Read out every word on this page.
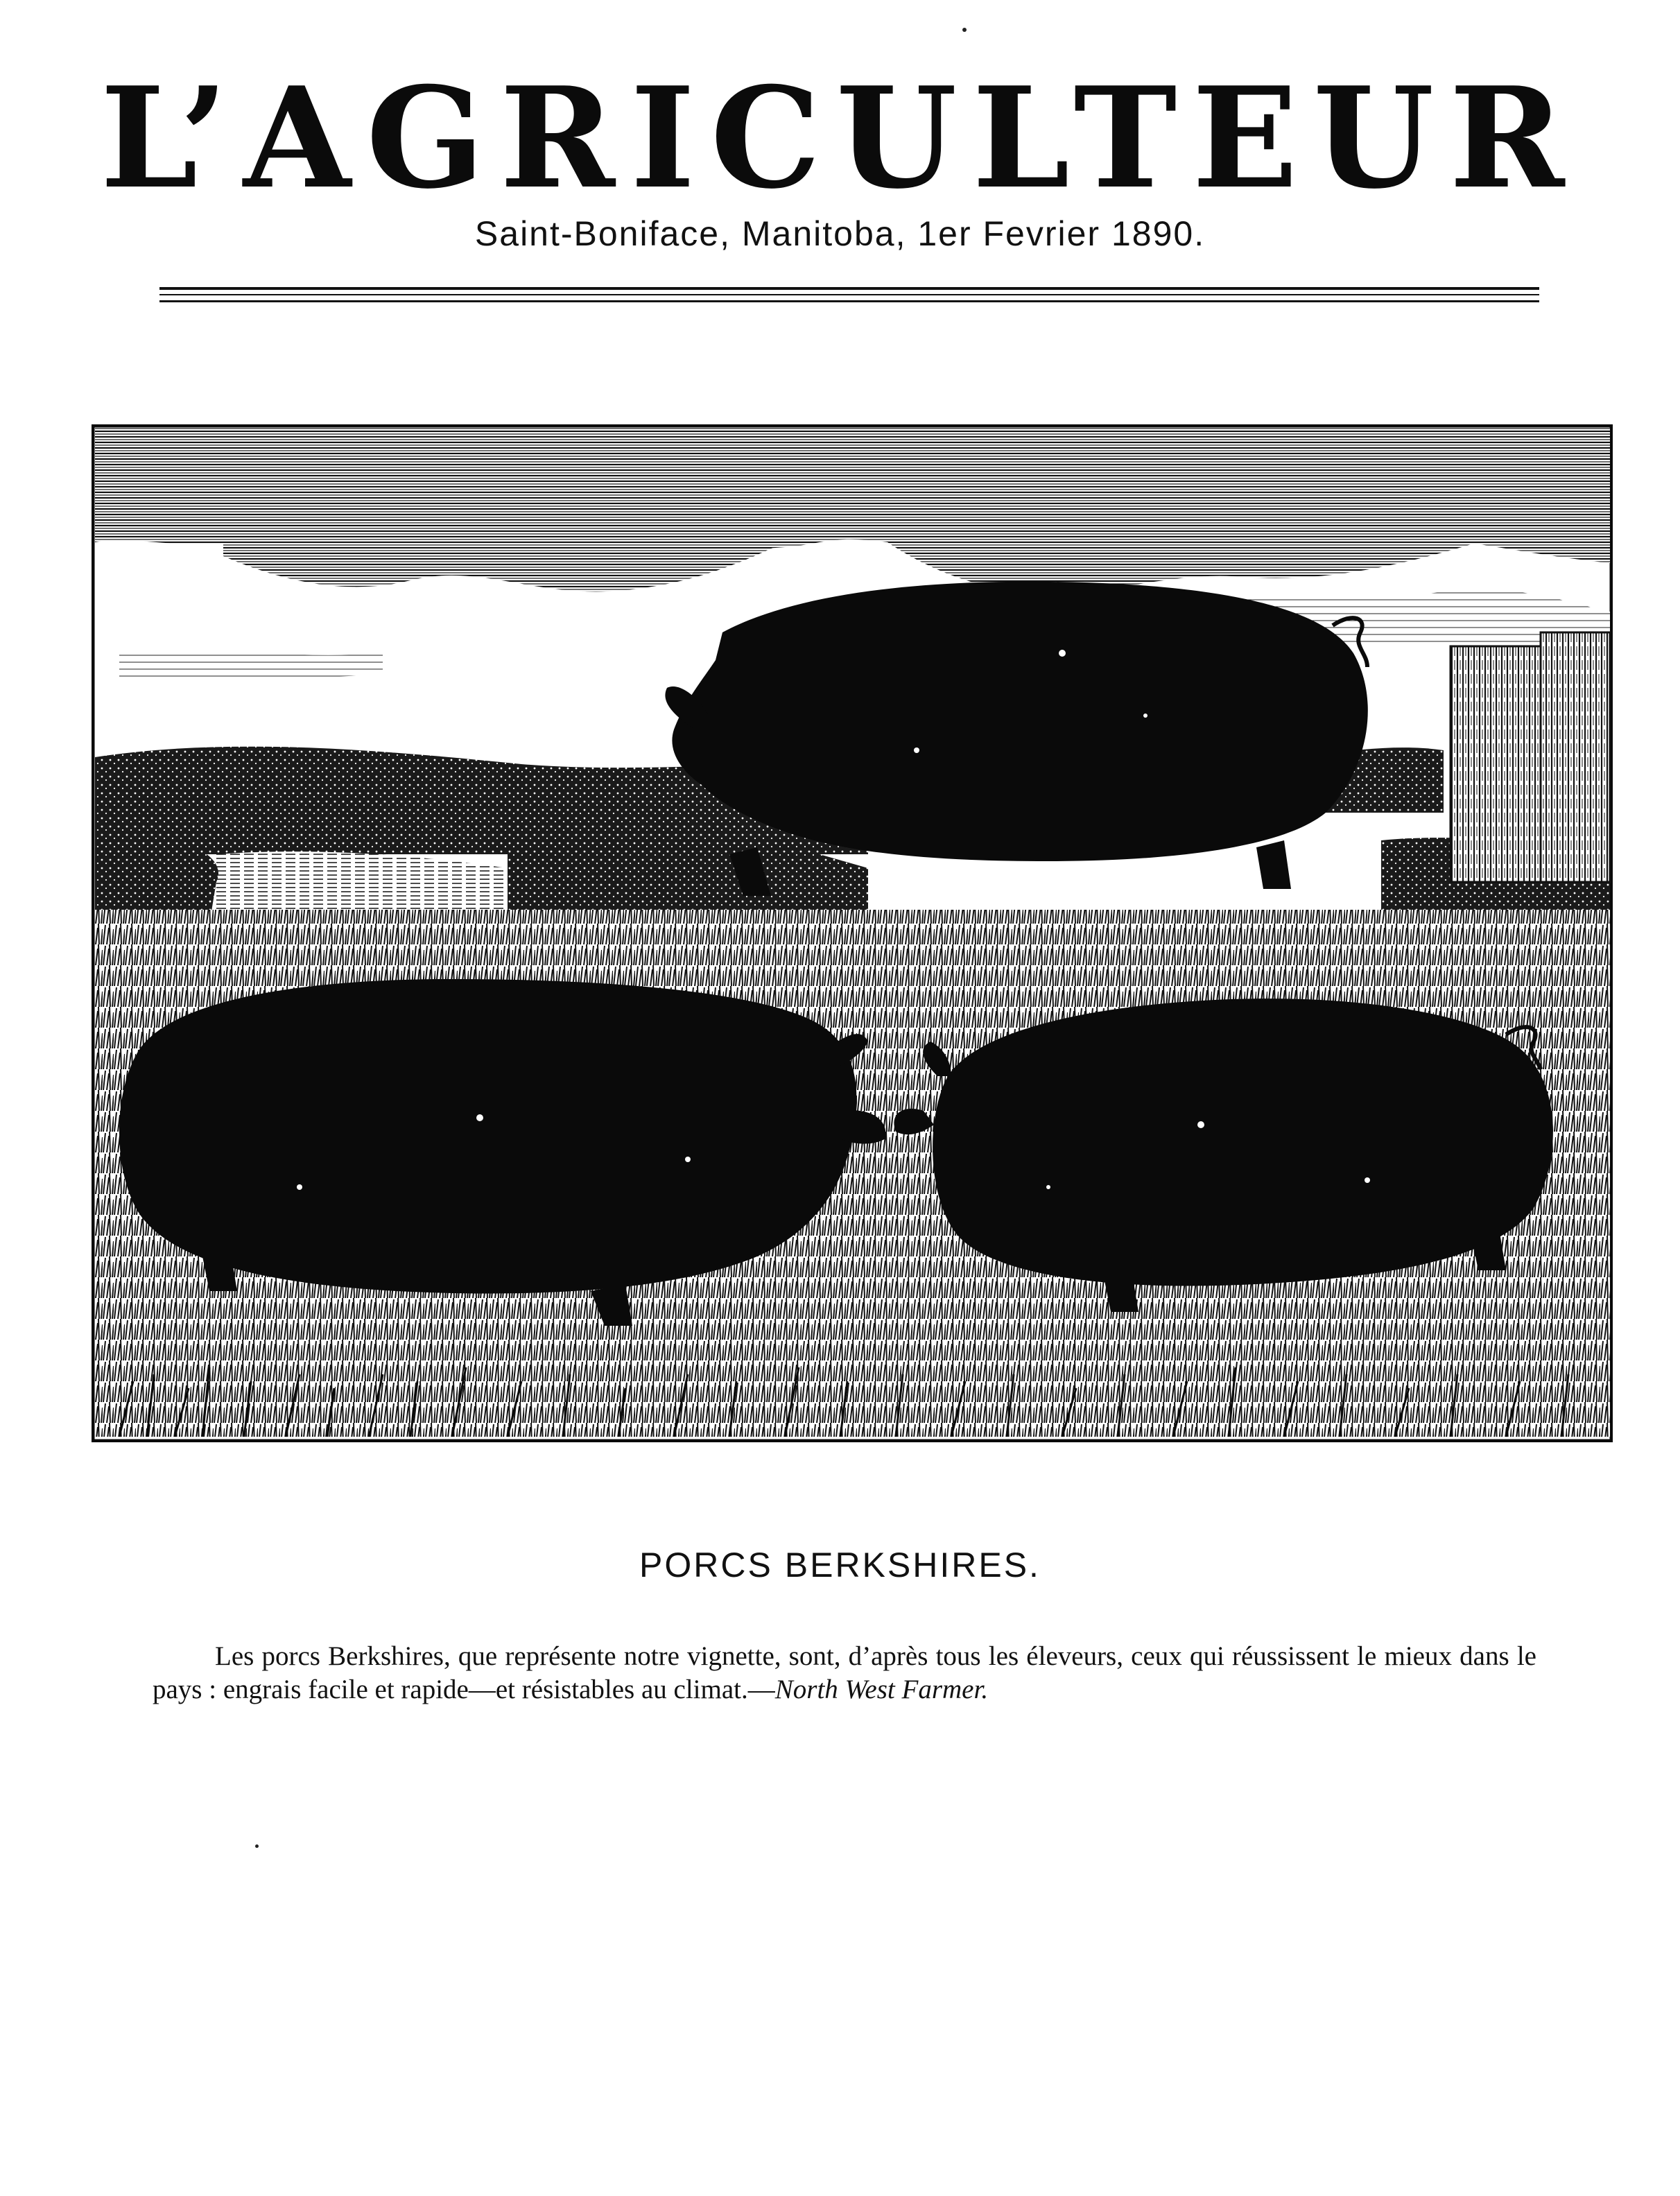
L’AGRICULTEUR
Saint-Boniface, Manitoba, 1er Fevrier 1890.
PORCS BERKSHIRES.

Les porcs Berkshires, que représente notre vignette, sont, d’après tous les éleveurs, ceux qui réussissent le mieux dans le pays : engrais facile et rapide—et résistables au climat.—North West Farmer.
